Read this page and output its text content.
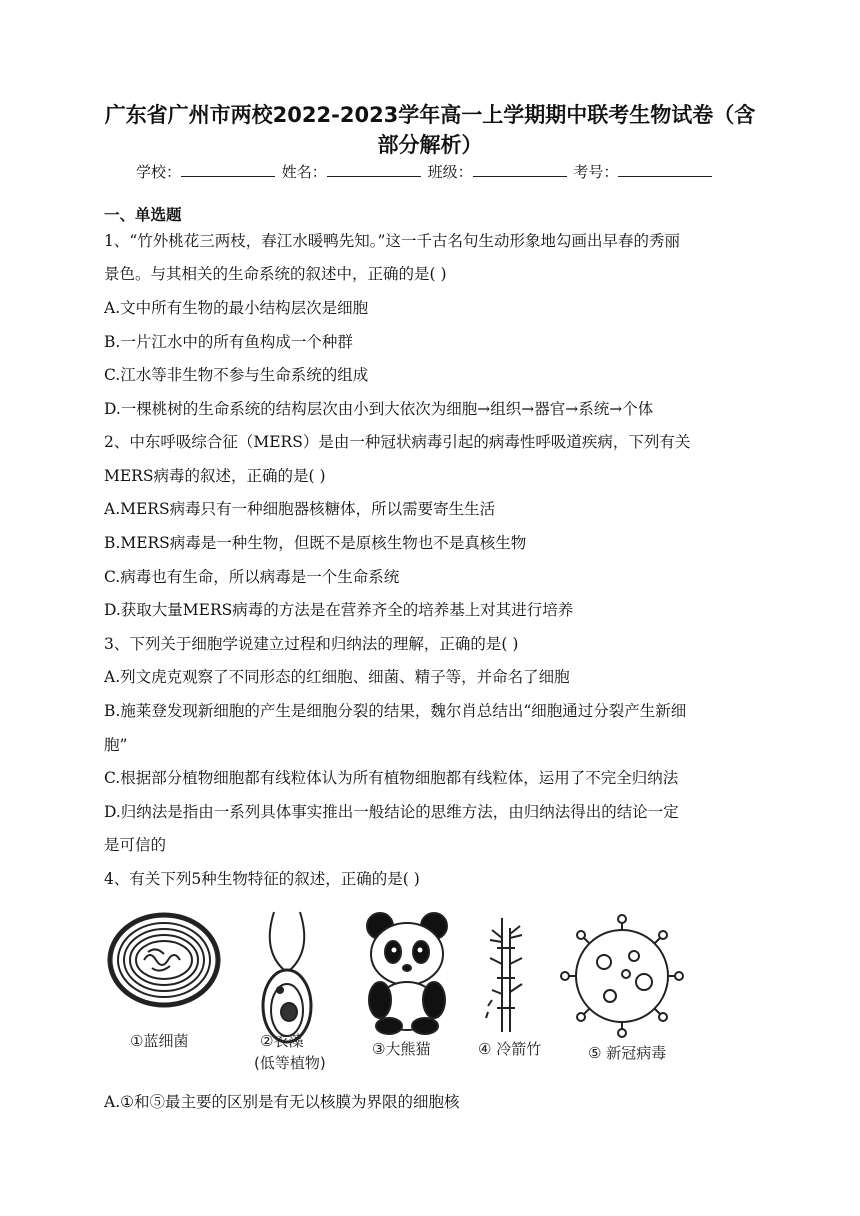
广东省广州市两校2022-2023学年高一上学期期中联考生物试卷（含
部分解析）
学校：	姓名：	班级：	考号：
一、单选题
1、“竹外桃花三两枝，春江水暖鸭先知。”这一千古名句生动形象地勾画出早春的秀丽
景色。与其相关的生命系统的叙述中，正确的是( )
A.文中所有生物的最小结构层次是细胞
B.一片江水中的所有鱼构成一个种群
C.江水等非生物不参与生命系统的组成
D.一棵桃树的生命系统的结构层次由小到大依次为细胞→组织→器官→系统→个体
2、中东呼吸综合征（MERS）是由一种冠状病毒引起的病毒性呼吸道疾病，下列有关
MERS病毒的叙述，正确的是( )
A.MERS病毒只有一种细胞器核糖体，所以需要寄生生活
B.MERS病毒是一种生物，但既不是原核生物也不是真核生物
C.病毒也有生命，所以病毒是一个生命系统
D.获取大量MERS病毒的方法是在营养齐全的培养基上对其进行培养
3、下列关于细胞学说建立过程和归纳法的理解，正确的是( )
A.列文虎克观察了不同形态的红细胞、细菌、精子等，并命名了细胞
B.施莱登发现新细胞的产生是细胞分裂的结果，魏尔肖总结出“细胞通过分裂产生新细
胞”
C.根据部分植物细胞都有线粒体认为所有植物细胞都有线粒体，运用了不完全归纳法
D.归纳法是指由一系列具体事实推出一般结论的思维方法，由归纳法得出的结论一定
是可信的
4、有关下列5种生物特征的叙述，正确的是( )
①蓝细菌	②衣藻
(低等植物)
③大熊猫	④ 冷箭竹	⑤ 新冠病毒
A.①和⑤最主要的区别是有无以核膜为界限的细胞核
